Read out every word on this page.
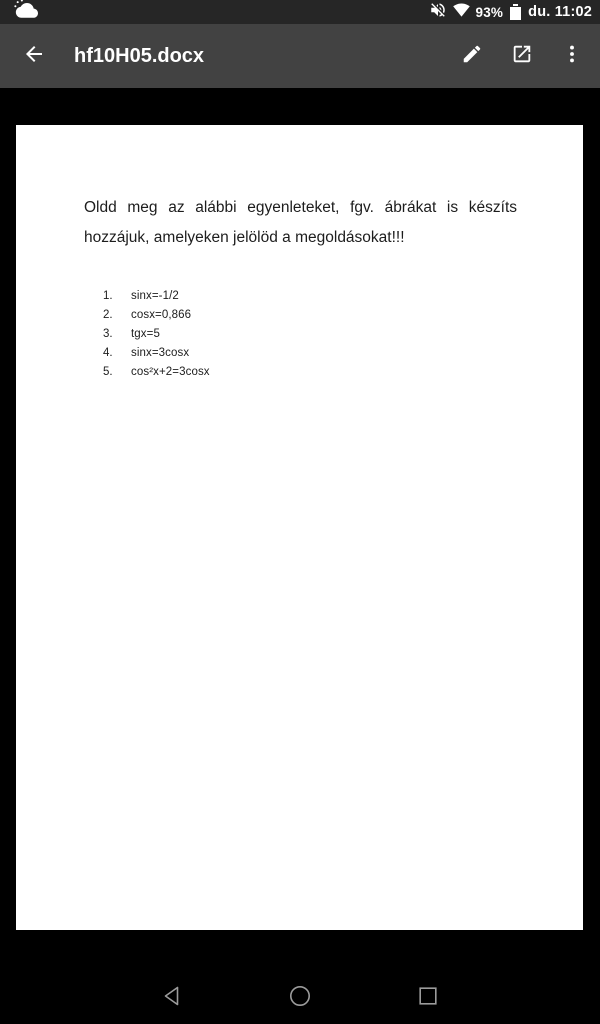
93% du. 11:02
hf10H05.docx

Oldd meg az alábbi egyenleteket, fgv. ábrákat is készíts hozzájuk, amelyeken jelölöd a megoldásokat!!!

1.	sinx=-1/2
2.	cosx=0,866
3.	tgx=5
4.	sinx=3cosx
5.	cos²x+2=3cosx
